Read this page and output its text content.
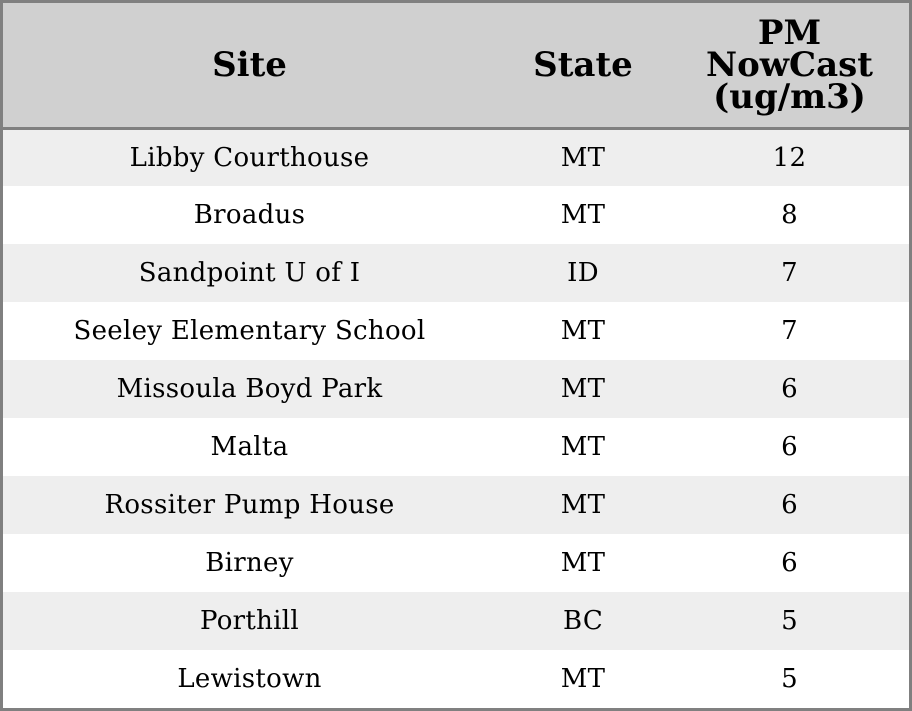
Site	State	PM
NowCast
(ug/m3)

Libby Courthouse	MT	12
Broadus	MT	8
Sandpoint U of I	ID	7
Seeley Elementary School	MT	7
Missoula Boyd Park	MT	6
Malta	MT	6
Rossiter Pump House	MT	6
Birney	MT	6
Porthill	BC	5
Lewistown	MT	5
